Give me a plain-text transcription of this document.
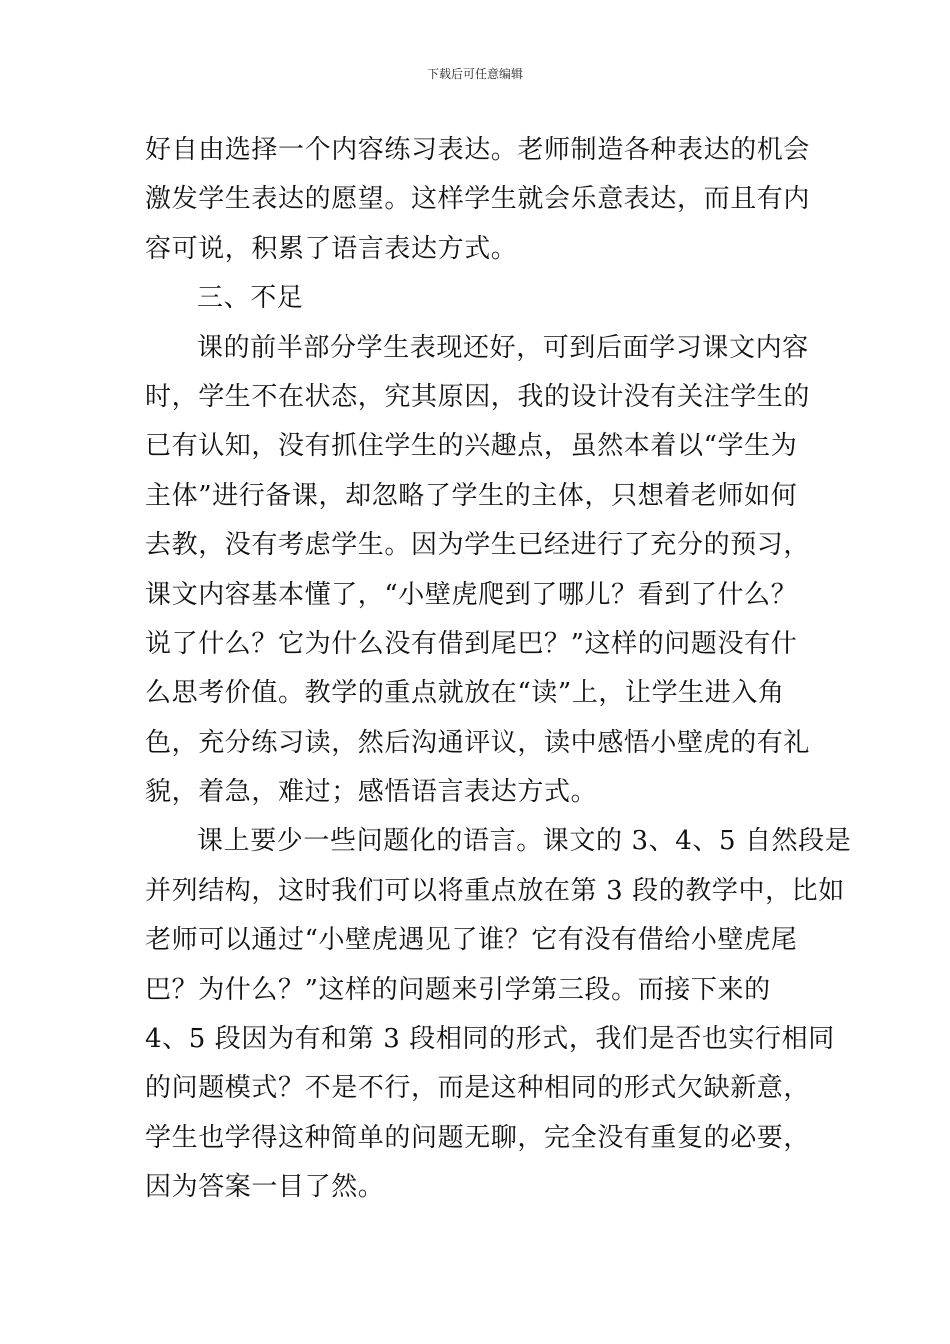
下载后可任意编辑
好自由选择一个内容练习表达。老师制造各种表达的机会
激发学生表达的愿望。这样学生就会乐意表达，而且有内
容可说，积累了语言表达方式。
三、不足
课的前半部分学生表现还好，可到后面学习课文内容
时，学生不在状态，究其原因，我的设计没有关注学生的
已有认知，没有抓住学生的兴趣点，虽然本着以“学生为
主体”进行备课，却忽略了学生的主体，只想着老师如何
去教，没有考虑学生。因为学生已经进行了充分的预习，
课文内容基本懂了，“小壁虎爬到了哪儿？看到了什么？
说了什么？它为什么没有借到尾巴？”这样的问题没有什
么思考价值。教学的重点就放在“读”上，让学生进入角
色，充分练习读，然后沟通评议，读中感悟小壁虎的有礼
貌，着急，难过；感悟语言表达方式。
课上要少一些问题化的语言。课文的 3、4、5 自然段是
并列结构，这时我们可以将重点放在第 3 段的教学中，比如
老师可以通过“小壁虎遇见了谁？它有没有借给小壁虎尾
巴？为什么？”这样的问题来引学第三段。而接下来的
4、5 段因为有和第 3 段相同的形式，我们是否也实行相同
的问题模式？不是不行，而是这种相同的形式欠缺新意，
学生也学得这种简单的问题无聊，完全没有重复的必要，
因为答案一目了然。
